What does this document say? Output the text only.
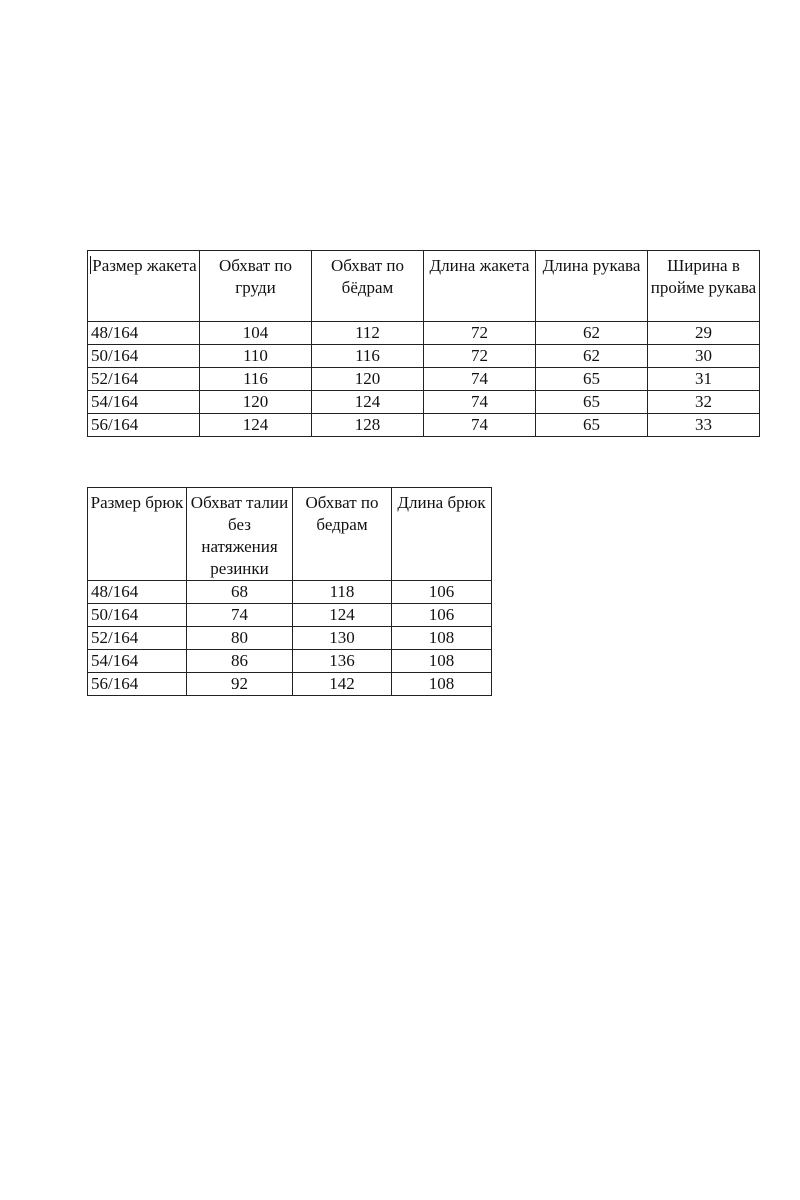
Размер жакета	Обхват по груди	Обхват по бёдрам	Длина жакета	Длина рукава	Ширина в пройме рукава
48/164	104	112	72	62	29
50/164	110	116	72	62	30
52/164	116	120	74	65	31
54/164	120	124	74	65	32
56/164	124	128	74	65	33
Размер брюк	Обхват талии без натяжения резинки	Обхват по бедрам	Длина брюк
48/164	68	118	106
50/164	74	124	106
52/164	80	130	108
54/164	86	136	108
56/164	92	142	108
